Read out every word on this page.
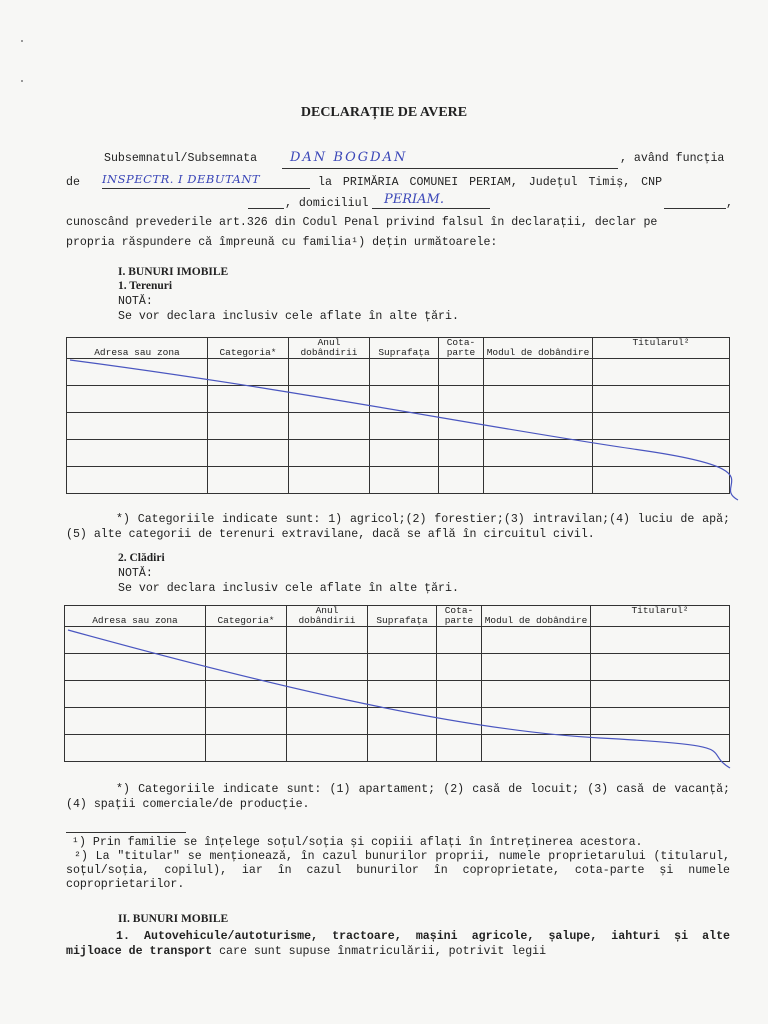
DECLARAȚIE DE AVERE
Subsemnatul/Subsemnata	DAN BOGDAN	, având funcția
de INSPECTR. I DEBUTANT	la PRIMĂRIA COMUNEI PERIAM, Județul Timiș, CNP
, domiciliul PERIAM.	,
cunoscând prevederile art.326 din Codul Penal privind falsul în declarații, declar pe
propria răspundere că împreună cu familia¹) dețin următoarele:
I. BUNURI IMOBILE
1. Terenuri
NOTĂ:
Se vor declara inclusiv cele aflate în alte țări.
Adresa sau zona	Categoria*	Anul dobândirii	Suprafața	Cota-parte	Modul de dobândire	Titularul²

*) Categoriile indicate sunt: 1) agricol;(2) forestier;(3) intravilan;(4) luciu de apă;(5) alte categorii de terenuri extravilane, dacă se află în circuitul civil.
2. Clădiri
NOTĂ:
Se vor declara inclusiv cele aflate în alte țări.
Adresa sau zona	Categoria*	Anul dobândirii	Suprafața	Cota-parte	Modul de dobândire	Titularul²

*) Categoriile indicate sunt: (1) apartament; (2) casă de locuit; (3) casă de vacanță; (4) spații comerciale/de producție.
¹) Prin familie se înțelege soțul/soția și copiii aflați în întreținerea acestora.
²) La "titular" se menționează, în cazul bunurilor proprii, numele proprietarului (titularul, soțul/soția, copilul), iar în cazul bunurilor în coproprietate, cota-parte și numele coproprietarilor.
II. BUNURI MOBILE
1. Autovehicule/autoturisme, tractoare, mașini agricole, șalupe, iahturi și alte mijloace de transport care sunt supuse înmatriculării, potrivit legii
